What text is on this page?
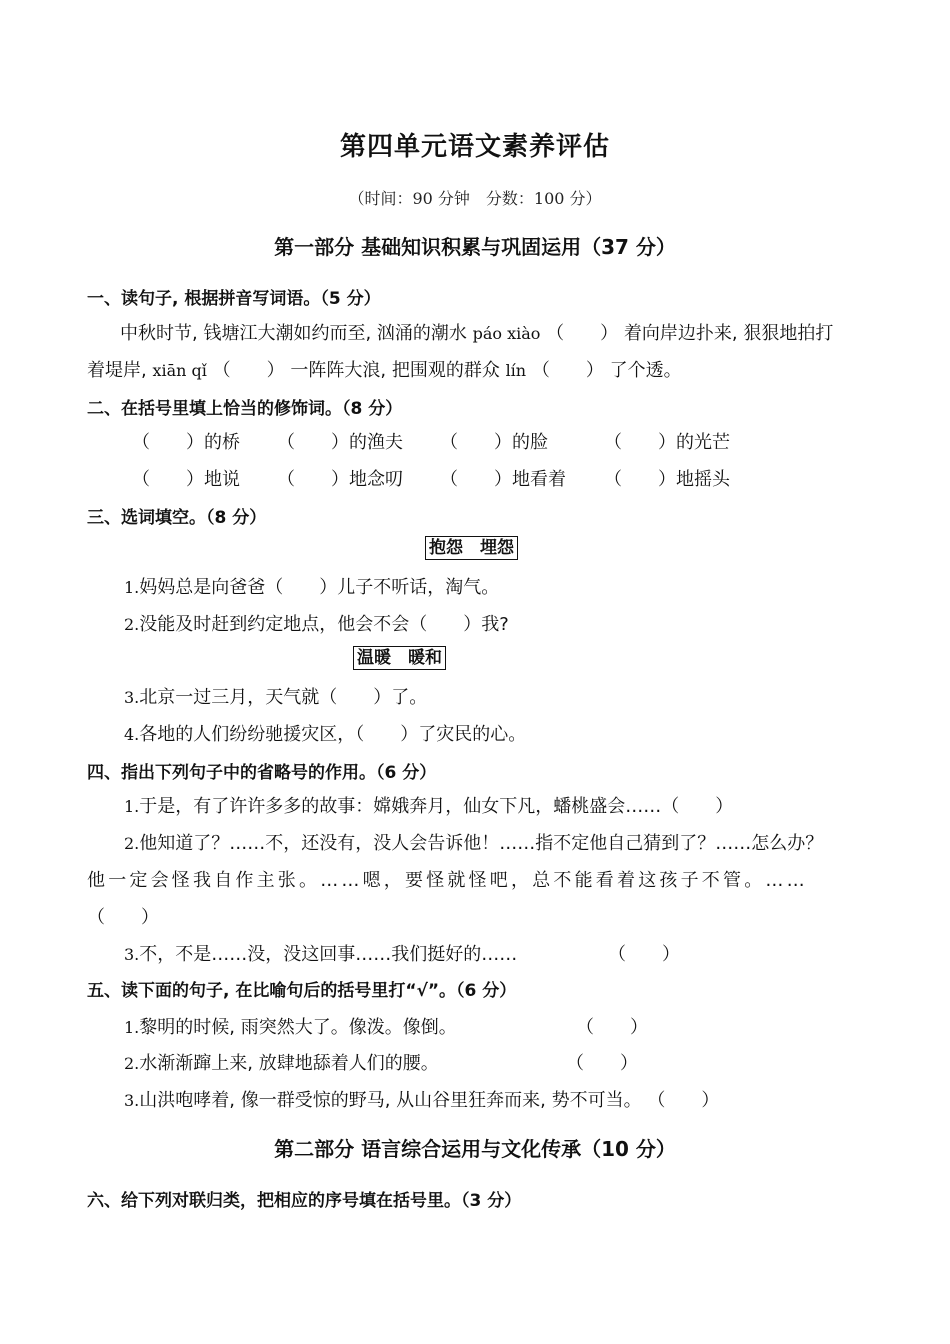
第四单元语文素养评估
（时间：90 分钟　分数：100 分）
第一部分 基础知识积累与巩固运用（37 分）
一、读句子, 根据拼音写词语。（5 分）
中秋时节, 钱塘江大潮如约而至, 汹涌的潮水 páo xiào （　　） 着向岸边扑来, 狠狠地拍打
着堤岸, xiān qǐ （　　） 一阵阵大浪, 把围观的群众 lín （　　） 了个透。
二、在括号里填上恰当的修饰词。（8 分）
（　　）的桥 （　　）的渔夫 （　　）的脸	（　　）的光芒
（　　）地说 （　　）地念叨 （　　）地看着 （　　）地摇头
三、选词填空。（8 分）
抱怨　埋怨
1.妈妈总是向爸爸（　　）儿子不听话，淘气。
2.没能及时赶到约定地点，他会不会（　　）我?
温暖　暖和
3.北京一过三月，天气就（　　）了。
4.各地的人们纷纷驰援灾区，（　　）了灾民的心。
四、指出下列句子中的省略号的作用。（6 分）
1.于是，有了许许多多的故事：嫦娥奔月，仙女下凡，蟠桃盛会……（　　）
2.他知道了？……不，还没有，没人会告诉他！……指不定他自己猜到了？……怎么办？
他一定会怪我自作主张。……嗯，要怪就怪吧，总不能看着这孩子不管。……
（　　）
3.不，不是……没，没这回事……我们挺好的……	（　　）
五、读下面的句子, 在比喻句后的括号里打“√”。（6 分）
1.黎明的时候, 雨突然大了。像泼。像倒。	（　　）
2.水渐渐蹿上来, 放肆地舔着人们的腰。	（　　）
3.山洪咆哮着, 像一群受惊的野马, 从山谷里狂奔而来, 势不可当。 （　　）
第二部分 语言综合运用与文化传承（10 分）
六、给下列对联归类，把相应的序号填在括号里。（3 分）
